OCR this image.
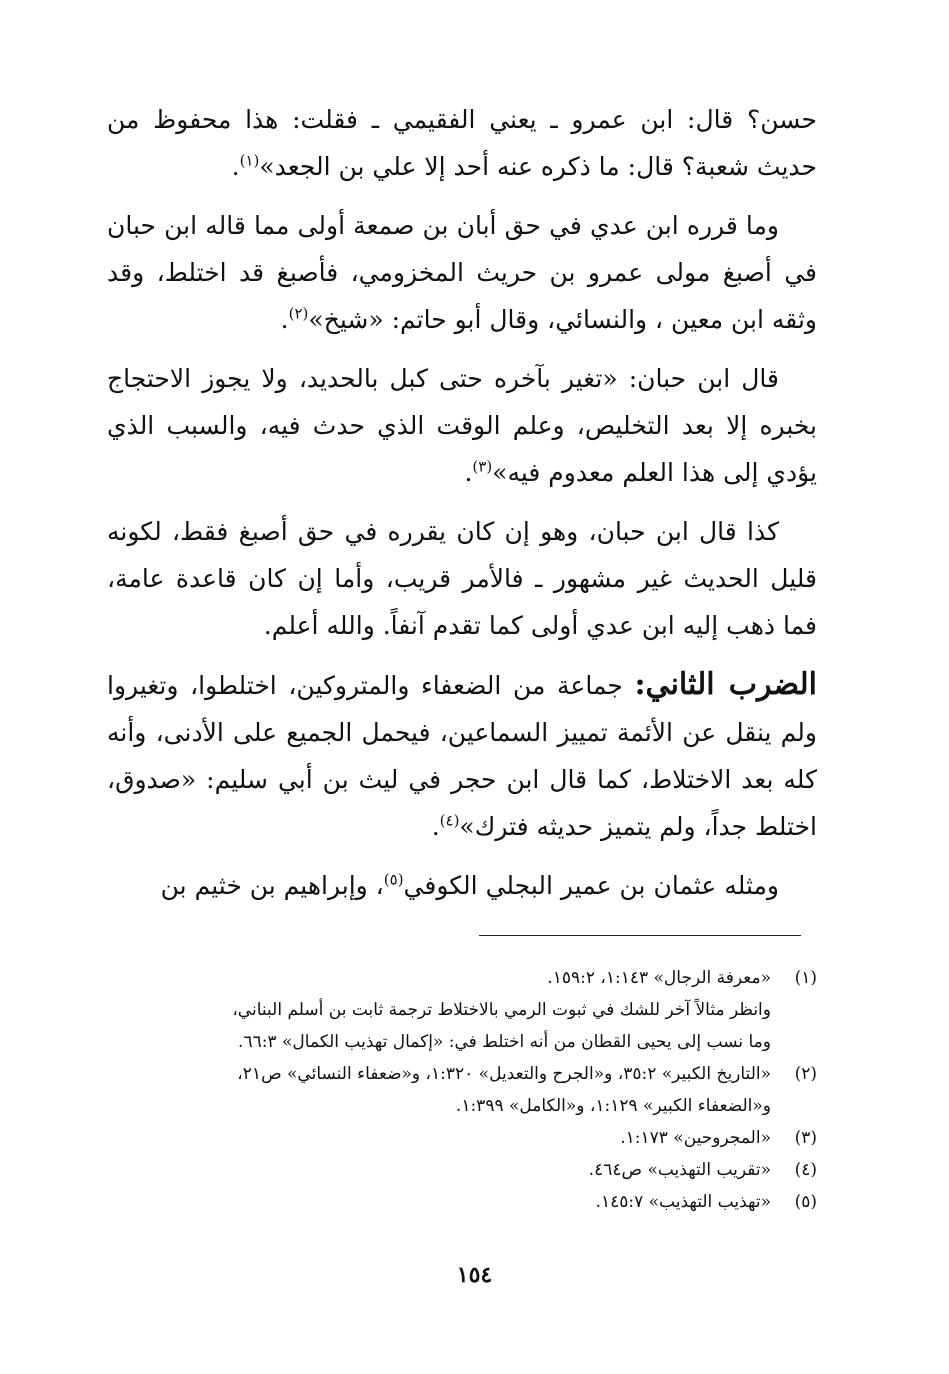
حسن؟ قال: ابن عمرو ـ يعني الفقيمي ـ فقلت: هذا محفوظ من حديث شعبة؟ قال: ما ذكره عنه أحد إلا علي بن الجعد»$^{(١)}$.

وما قرره ابن عدي في حق أبان بن صمعة أولى مما قاله ابن حبان في أصبغ مولى عمرو بن حريث المخزومي، فأصبغ قد اختلط، وقد وثقه ابن معين ، والنسائي، وقال أبو حاتم: «شيخ»$^{(٢)}$.

قال ابن حبان: «تغير بآخره حتى كبل بالحديد، ولا يجوز الاحتجاج بخبره إلا بعد التخليص، وعلم الوقت الذي حدث فيه، والسبب الذي يؤدي إلى هذا العلم معدوم فيه»$^{(٣)}$.

كذا قال ابن حبان، وهو إن كان يقرره في حق أصبغ فقط، لكونه قليل الحديث غير مشهور ـ فالأمر قريب، وأما إن كان قاعدة عامة، فما ذهب إليه ابن عدي أولى كما تقدم آنفاً. والله أعلم.

الضرب الثاني: جماعة من الضعفاء والمتروكين، اختلطوا، وتغيروا ولم ينقل عن الأئمة تمييز السماعين، فيحمل الجميع على الأدنى، وأنه كله بعد الاختلاط، كما قال ابن حجر في ليث بن أبي سليم: «صدوق، اختلط جداً، ولم يتميز حديثه فترك»$^{(٤)}$.

ومثله عثمان بن عمير البجلي الكوفي$^{(٥)}$، وإبراهيم بن خثيم بن

(١)
«معرفة الرجال» ١:١٤٣، ١٥٩:٢.
وانظر مثالاً آخر للشك في ثبوت الرمي بالاختلاط ترجمة ثابت بن أسلم البناني،
وما نسب إلى يحيى القطان من أنه اختلط في: «إكمال تهذيب الكمال» ٦٦:٣.
(٢)
«التاريخ الكبير» ٣٥:٢، و«الجرح والتعديل» ١:٣٢٠، و«ضعفاء النسائي» ص٢١،
و«الضعفاء الكبير» ١:١٢٩، و«الكامل» ١:٣٩٩.
(٣)
«المجروحين» ١:١٧٣.
(٤)
«تقريب التهذيب» ص٤٦٤.
(٥)
«تهذيب التهذيب» ١٤٥:٧.
١٥٤
